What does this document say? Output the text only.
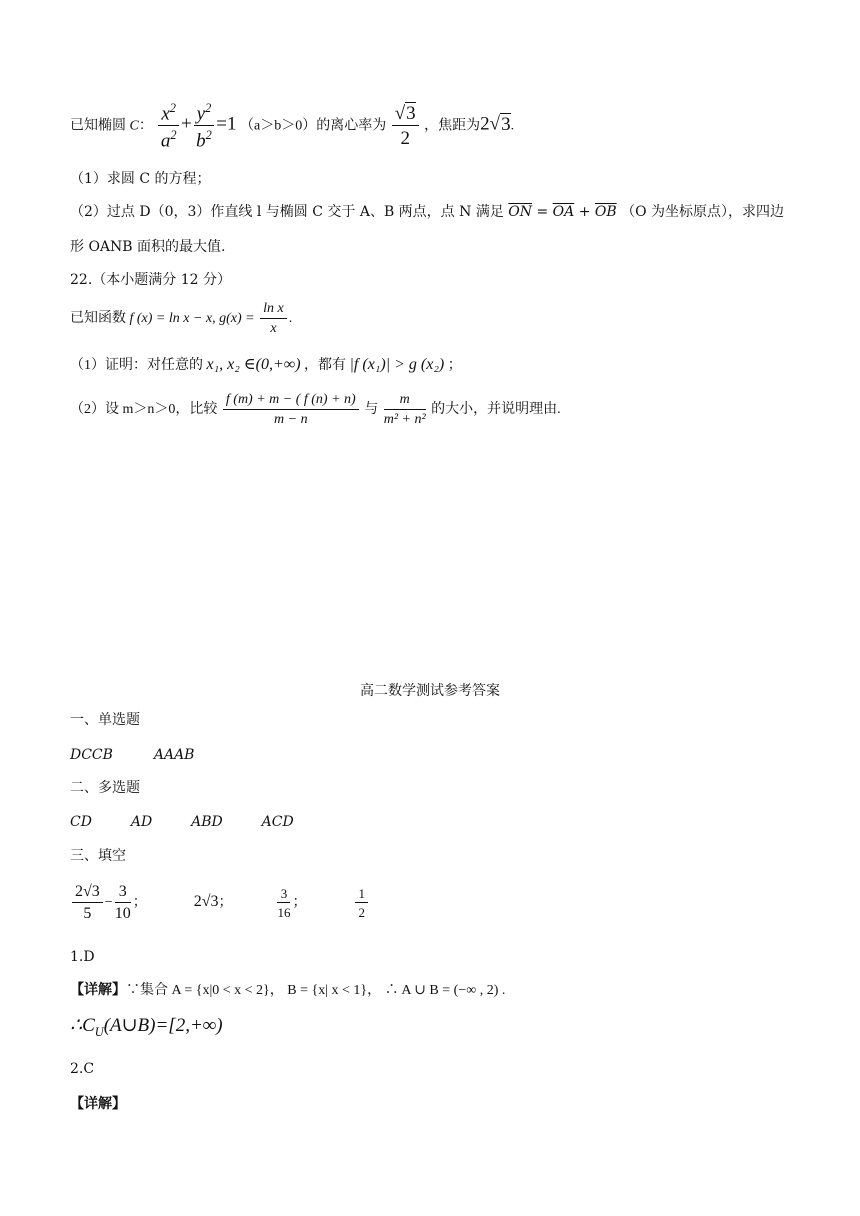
已知椭圆 C： $\frac{x^2}{a^2} + \frac{y^2}{b^2} =1$ （a＞b＞0）的离心率为 $\frac{√3}{2}$ ，焦距为2√3.
（1）求圆 C 的方程；
（2）过点 D（0，3）作直线 l 与椭圆 C 交于 A、B 两点，点 N 满足 $\overline{ON} = \overline{OA} + \overline{OB}$ （O 为坐标原点），求四边
形 OANB 面积的最大值.
22.（本小题满分 12 分）
已知函数 f (x) = ln x − x, $g(x) = \frac{\text{ln x}}{x}$ .
（1）证明：对任意的 x₁, x₂ ∈(0,+∞) ，都有 |f (x₁)| > g (x₂) ；
（2）设 m＞n＞0，比较 $\frac{f (m) + m - ( f (n) + n)}{m - n}$ 与 $\frac{m}{\text{m² + n²}}$ 的大小，并说明理由.
高二数学测试参考答案
一、单选题
DCCB	AAAB
二、多选题
CD	AD	ABD	ACD
三、填空
$\frac{2√3}{5} - \frac{3}{10}$ ；	2√3；	$\frac{3}{16}$ ；	$\frac{1}{2}$
1.D
【详解】∵集合 A = {x|0 < x < 2}， B = {x| x < 1}， ∴ A ∪ B = (−∞ , 2) .
$\therefore C_U(A\cup B)=[2,+\infty)$
2.C
【详解】
